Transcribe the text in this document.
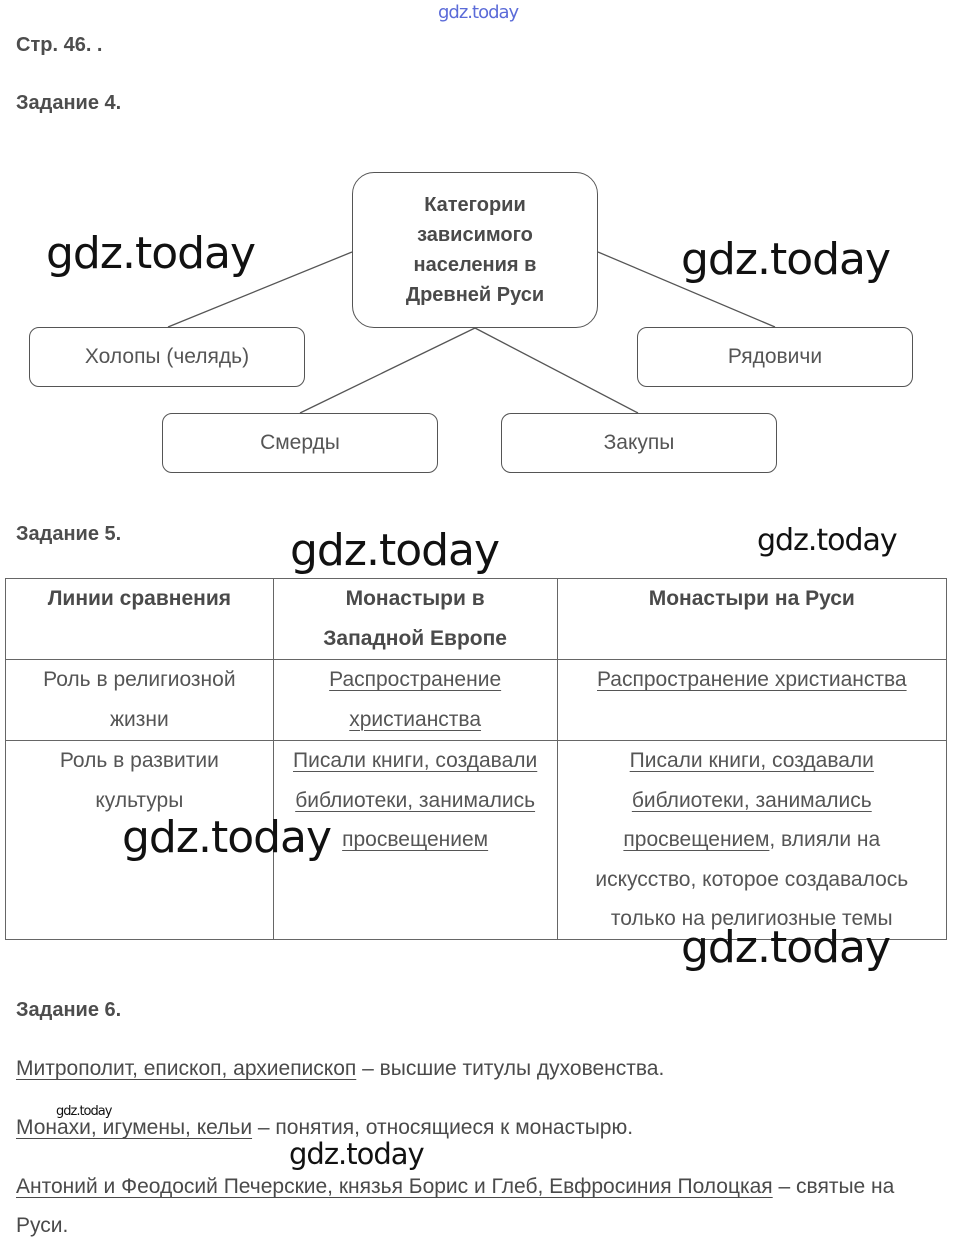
gdz.today
Стр. 46. .
Задание 4.
Категории
зависимого
населения в
Древней Руси
Холопы (челядь)	Рядовичи
Смерды	Закупы
gdz.today	gdz.today
Задание 5.	gdz.today	gdz.today
Линии сравнения	Монастыри в Западной Европе	Монастыри на Руси
Роль в религиозной жизни	Распространение христианства	Распространение христианства
Роль в развитии культуры	Писали книги, создавали библиотеки, занимались просвещением	Писали книги, создавали библиотеки, занимались просвещением, влияли на искусство, которое создавалось только на религиозные темы
gdz.today
gdz.today
Задание 6.
Митрополит, епископ, архиепископ – высшие титулы духовенства.
gdz.today
Монахи, игумены, кельи – понятия, относящиеся к монастырю.
gdz.today
Антоний и Феодосий Печерские, князья Борис и Глеб, Евфросиния Полоцкая – святые на Руси.
